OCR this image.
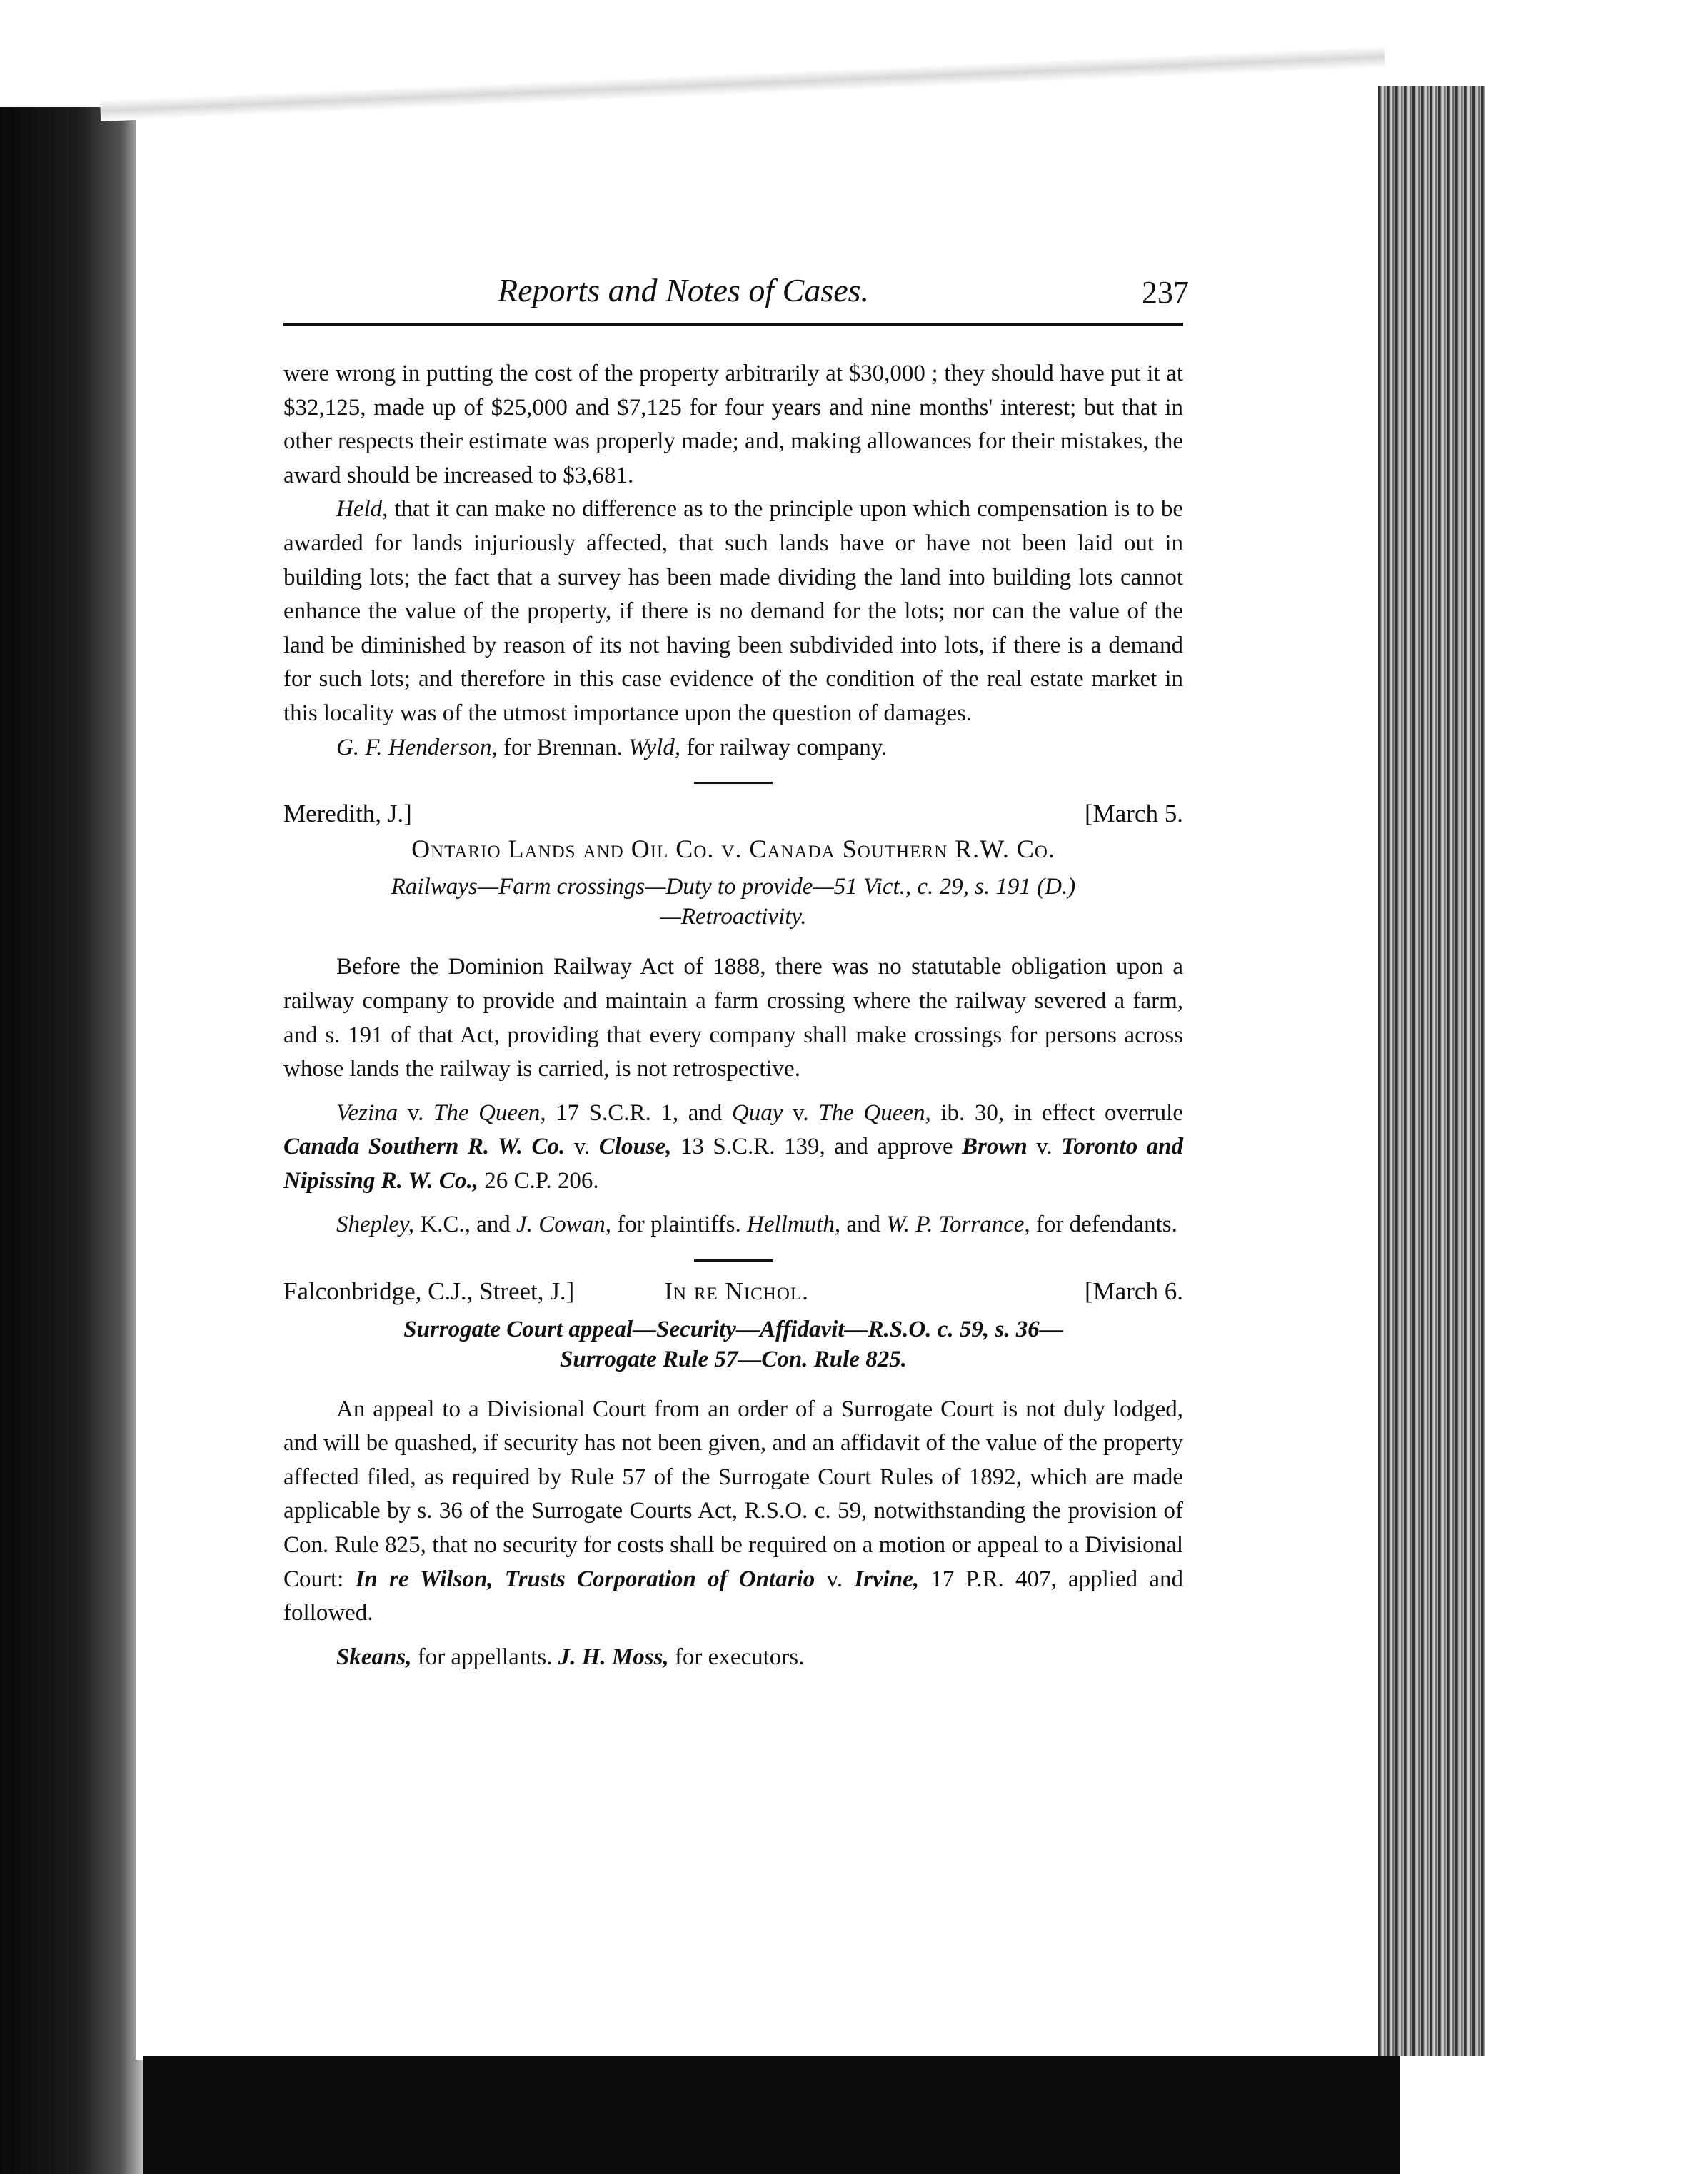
Reports and Notes of Cases.	237

were wrong in putting the cost of the property arbitrarily at $30,000 ; they should have put it at $32,125, made up of $25,000 and $7,125 for four years and nine months' interest; but that in other respects their estimate was properly made; and, making allowances for their mistakes, the award should be increased to $3,681.

Held, that it can make no difference as to the principle upon which compensation is to be awarded for lands injuriously affected, that such lands have or have not been laid out in building lots; the fact that a survey has been made dividing the land into building lots cannot enhance the value of the property, if there is no demand for the lots; nor can the value of the land be diminished by reason of its not having been subdivided into lots, if there is a demand for such lots; and therefore in this case evidence of the condition of the real estate market in this locality was of the utmost importance upon the question of damages.

G. F. Henderson, for Brennan. Wyld, for railway company.

Meredith, J.]	[March 5.
Ontario Lands and Oil Co. v. Canada Southern R.W. Co.
Railways—Farm crossings—Duty to provide—51 Vict., c. 29, s. 191 (D.)
—Retroactivity.

Before the Dominion Railway Act of 1888, there was no statutable obligation upon a railway company to provide and maintain a farm crossing where the railway severed a farm, and s. 191 of that Act, providing that every company shall make crossings for persons across whose lands the railway is carried, is not retrospective.

Vezina v. The Queen, 17 S.C.R. 1, and Quay v. The Queen, ib. 30, in effect overrule Canada Southern R. W. Co. v. Clouse, 13 S.C.R. 139, and approve Brown v. Toronto and Nipissing R. W. Co., 26 C.P. 206.

Shepley, K.C., and J. Cowan, for plaintiffs. Hellmuth, and W. P. Torrance, for defendants.

Falconbridge, C.J., Street, J.]	In re Nichol.	[March 6.
Surrogate Court appeal—Security—Affidavit—R.S.O. c. 59, s. 36—
Surrogate Rule 57—Con. Rule 825.

An appeal to a Divisional Court from an order of a Surrogate Court is not duly lodged, and will be quashed, if security has not been given, and an affidavit of the value of the property affected filed, as required by Rule 57 of the Surrogate Court Rules of 1892, which are made applicable by s. 36 of the Surrogate Courts Act, R.S.O. c. 59, notwithstanding the provision of Con. Rule 825, that no security for costs shall be required on a motion or appeal to a Divisional Court: In re Wilson, Trusts Corporation of Ontario v. Irvine, 17 P.R. 407, applied and followed.

Skeans, for appellants. J. H. Moss, for executors.
